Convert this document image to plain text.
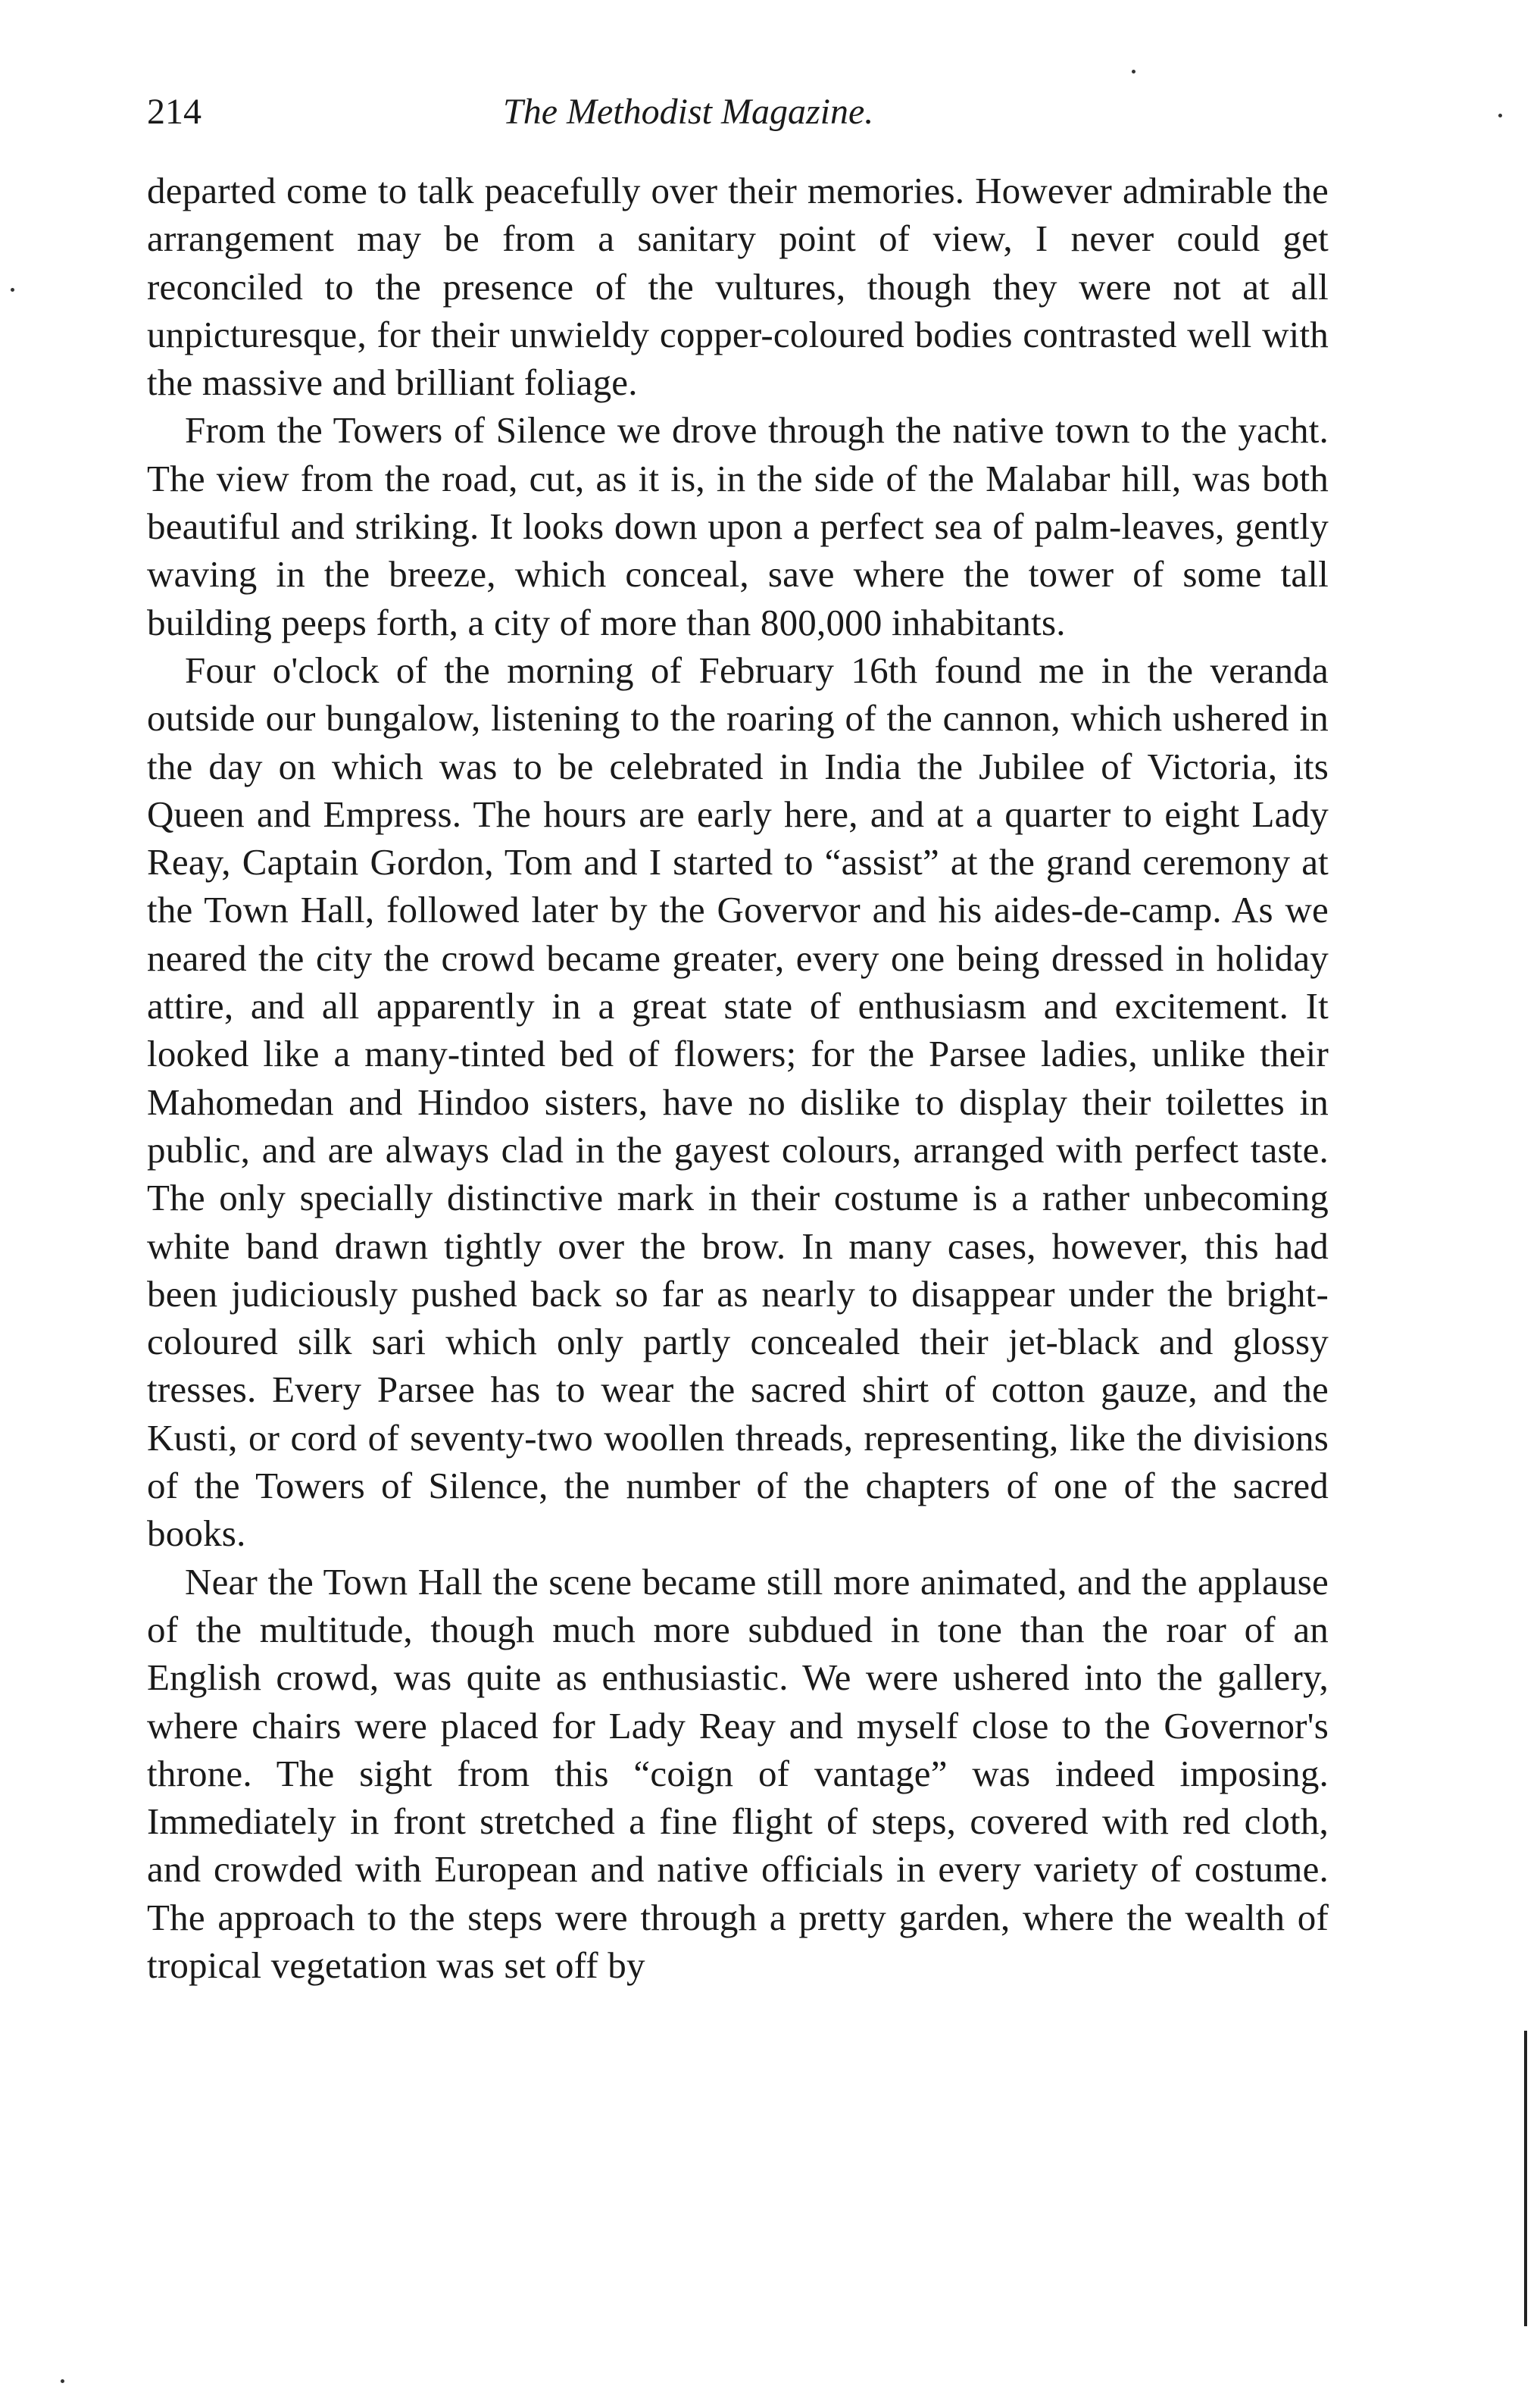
214	The Methodist Magazine.

departed come to talk peacefully over their memories. However admirable the arrangement may be from a sanitary point of view, I never could get reconciled to the presence of the vultures, though they were not at all unpicturesque, for their unwieldy copper-coloured bodies contrasted well with the massive and brilliant foliage.

From the Towers of Silence we drove through the native town to the yacht. The view from the road, cut, as it is, in the side of the Malabar hill, was both beautiful and striking. It looks down upon a perfect sea of palm-leaves, gently waving in the breeze, which conceal, save where the tower of some tall building peeps forth, a city of more than 800,000 inhabitants.

Four o'clock of the morning of February 16th found me in the veranda outside our bungalow, listening to the roaring of the cannon, which ushered in the day on which was to be celebrated in India the Jubilee of Victoria, its Queen and Empress. The hours are early here, and at a quarter to eight Lady Reay, Captain Gordon, Tom and I started to “assist” at the grand ceremony at the Town Hall, followed later by the Govervor and his aides-de-camp. As we neared the city the crowd became greater, every one being dressed in holiday attire, and all apparently in a great state of enthusiasm and excitement. It looked like a many-tinted bed of flowers; for the Parsee ladies, unlike their Mahomedan and Hindoo sisters, have no dislike to display their toilettes in public, and are always clad in the gayest colours, arranged with perfect taste. The only specially distinctive mark in their costume is a rather unbecoming white band drawn tightly over the brow. In many cases, however, this had been judiciously pushed back so far as nearly to disappear under the bright-coloured silk sari which only partly concealed their jet-black and glossy tresses. Every Parsee has to wear the sacred shirt of cotton gauze, and the Kusti, or cord of seventy-two woollen threads, representing, like the divisions of the Towers of Silence, the number of the chapters of one of the sacred books.

Near the Town Hall the scene became still more animated, and the applause of the multitude, though much more subdued in tone than the roar of an English crowd, was quite as enthusiastic. We were ushered into the gallery, where chairs were placed for Lady Reay and myself close to the Governor's throne. The sight from this “coign of vantage” was indeed imposing. Immediately in front stretched a fine flight of steps, covered with red cloth, and crowded with European and native officials in every variety of costume. The approach to the steps were through a pretty garden, where the wealth of tropical vegetation was set off by
